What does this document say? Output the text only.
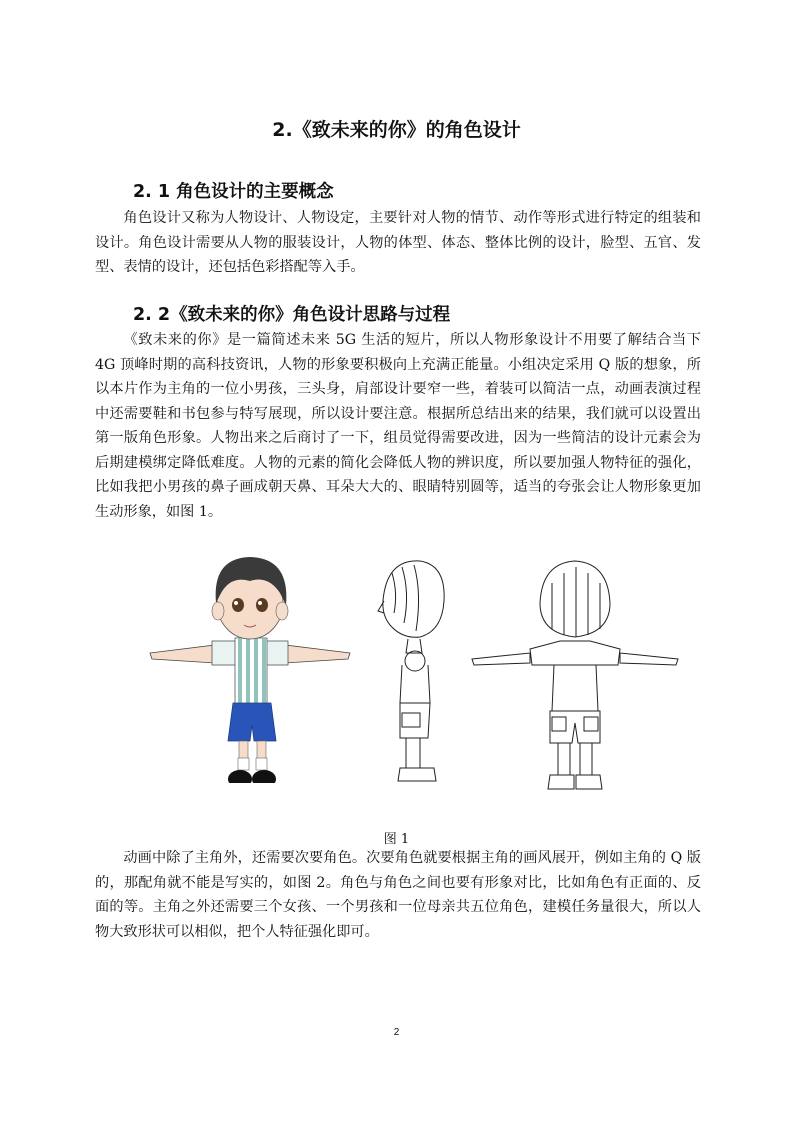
2.《致未来的你》的角色设计
2. 1 角色设计的主要概念

角色设计又称为人物设计、人物设定，主要针对人物的情节、动作等形式进行特定的组装和设计。角色设计需要从人物的服装设计，人物的体型、体态、整体比例的设计，脸型、五官、发型、表情的设计，还包括色彩搭配等入手。

2. 2《致未来的你》角色设计思路与过程

《致未来的你》是一篇简述未来 5G 生活的短片，所以人物形象设计不用要了解结合当下 4G 顶峰时期的高科技资讯，人物的形象要积极向上充满正能量。小组决定采用 Q 版的想象，所以本片作为主角的一位小男孩，三头身，肩部设计要窄一些，着装可以简洁一点，动画表演过程中还需要鞋和书包参与特写展现，所以设计要注意。根据所总结出来的结果，我们就可以设置出第一版角色形象。人物出来之后商讨了一下，组员觉得需要改进，因为一些简洁的设计元素会为后期建模绑定降低难度。人物的元素的简化会降低人物的辨识度，所以要加强人物特征的强化，比如我把小男孩的鼻子画成朝天鼻、耳朵大大的、眼睛特别圆等，适当的夸张会让人物形象更加生动形象，如图 1。

图 1

动画中除了主角外，还需要次要角色。次要角色就要根据主角的画风展开，例如主角的 Q 版的，那配角就不能是写实的，如图 2。角色与角色之间也要有形象对比，比如角色有正面的、反面的等。主角之外还需要三个女孩、一个男孩和一位母亲共五位角色，建模任务量很大，所以人物大致形状可以相似，把个人特征强化即可。

2
